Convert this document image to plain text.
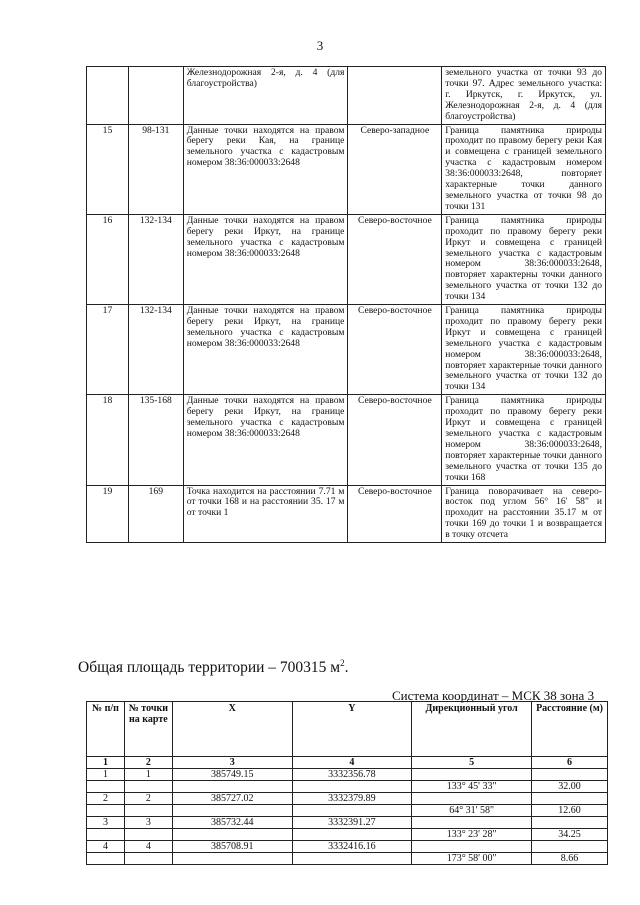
3
		Железнодорожная 2-я, д. 4 (для благоустройства)		земельного участка от точки 93 до точки 97. Адрес земельного участка: г. Иркутск, г. Иркутск, ул. Железнодорожная 2-я, д. 4 (для благоустройства)
15	98-131	Данные точки находятся на правом берегу реки Кая, на границе земельного участка с кадастровым номером 38:36:000033:2648	Северо-западное	Граница памятника природы проходит по правому берегу реки Кая и совмещена с границей земельного участка с кадастровым номером 38:36:000033:2648, повторяет характерные точки данного земельного участка от точки 98 до точки 131
16	132-134	Данные точки находятся на правом берегу реки Иркут, на границе земельного участка с кадастровым номером 38:36:000033:2648	Северо-восточное	Граница памятника природы проходит по правому берегу реки Иркут и совмещена с границей земельного участка с кадастровым номером 38:36:000033:2648, повторяет характерны точки данного земельного участка от точки 132 до точки 134
17	132-134	Данные точки находятся на правом берегу реки Иркут, на границе земельного участка с кадастровым номером 38:36:000033:2648	Северо-восточное	Граница памятника природы проходит по правому берегу реки Иркут и совмещена с границей земельного участка с кадастровым номером 38:36:000033:2648, повторяет характерные точки данного земельного участка от точки 132 до точки 134
18	135-168	Данные точки находятся на правом берегу реки Иркут, на границе земельного участка с кадастровым номером 38:36:000033:2648	Северо-восточное	Граница памятника природы проходит по правому берегу реки Иркут и совмещена с границей земельного участка с кадастровым номером 38:36:000033:2648, повторяет характерные точки данного земельного участка от точки 135 до точки 168
19	169	Точка находится на расстоянии 7.71 м от точки 168 и на расстоянии 35. 17 м от точки 1	Северо-восточное	Граница поворачивает на северо-восток под углом 56° 16' 58" и проходит на расстоянии 35.17 м от точки 169 до точки 1 и возвращается в точку отсчета
Общая площадь территории – 700315 $м^2$.
Система координат – МСК 38 зона 3
№ п/п	№ точки на карте	X	Y	Дирекционный угол	Расстояние (м)
1	2	3	4	5	6
1	1	385749.15	3332356.78		
				133° 45' 33"	32.00
2	2	385727.02	3332379.89		
				64° 31' 58"	12.60
3	3	385732.44	3332391.27		
				133° 23' 28"	34.25
4	4	385708.91	3332416.16		
				173° 58' 00"	8.66
